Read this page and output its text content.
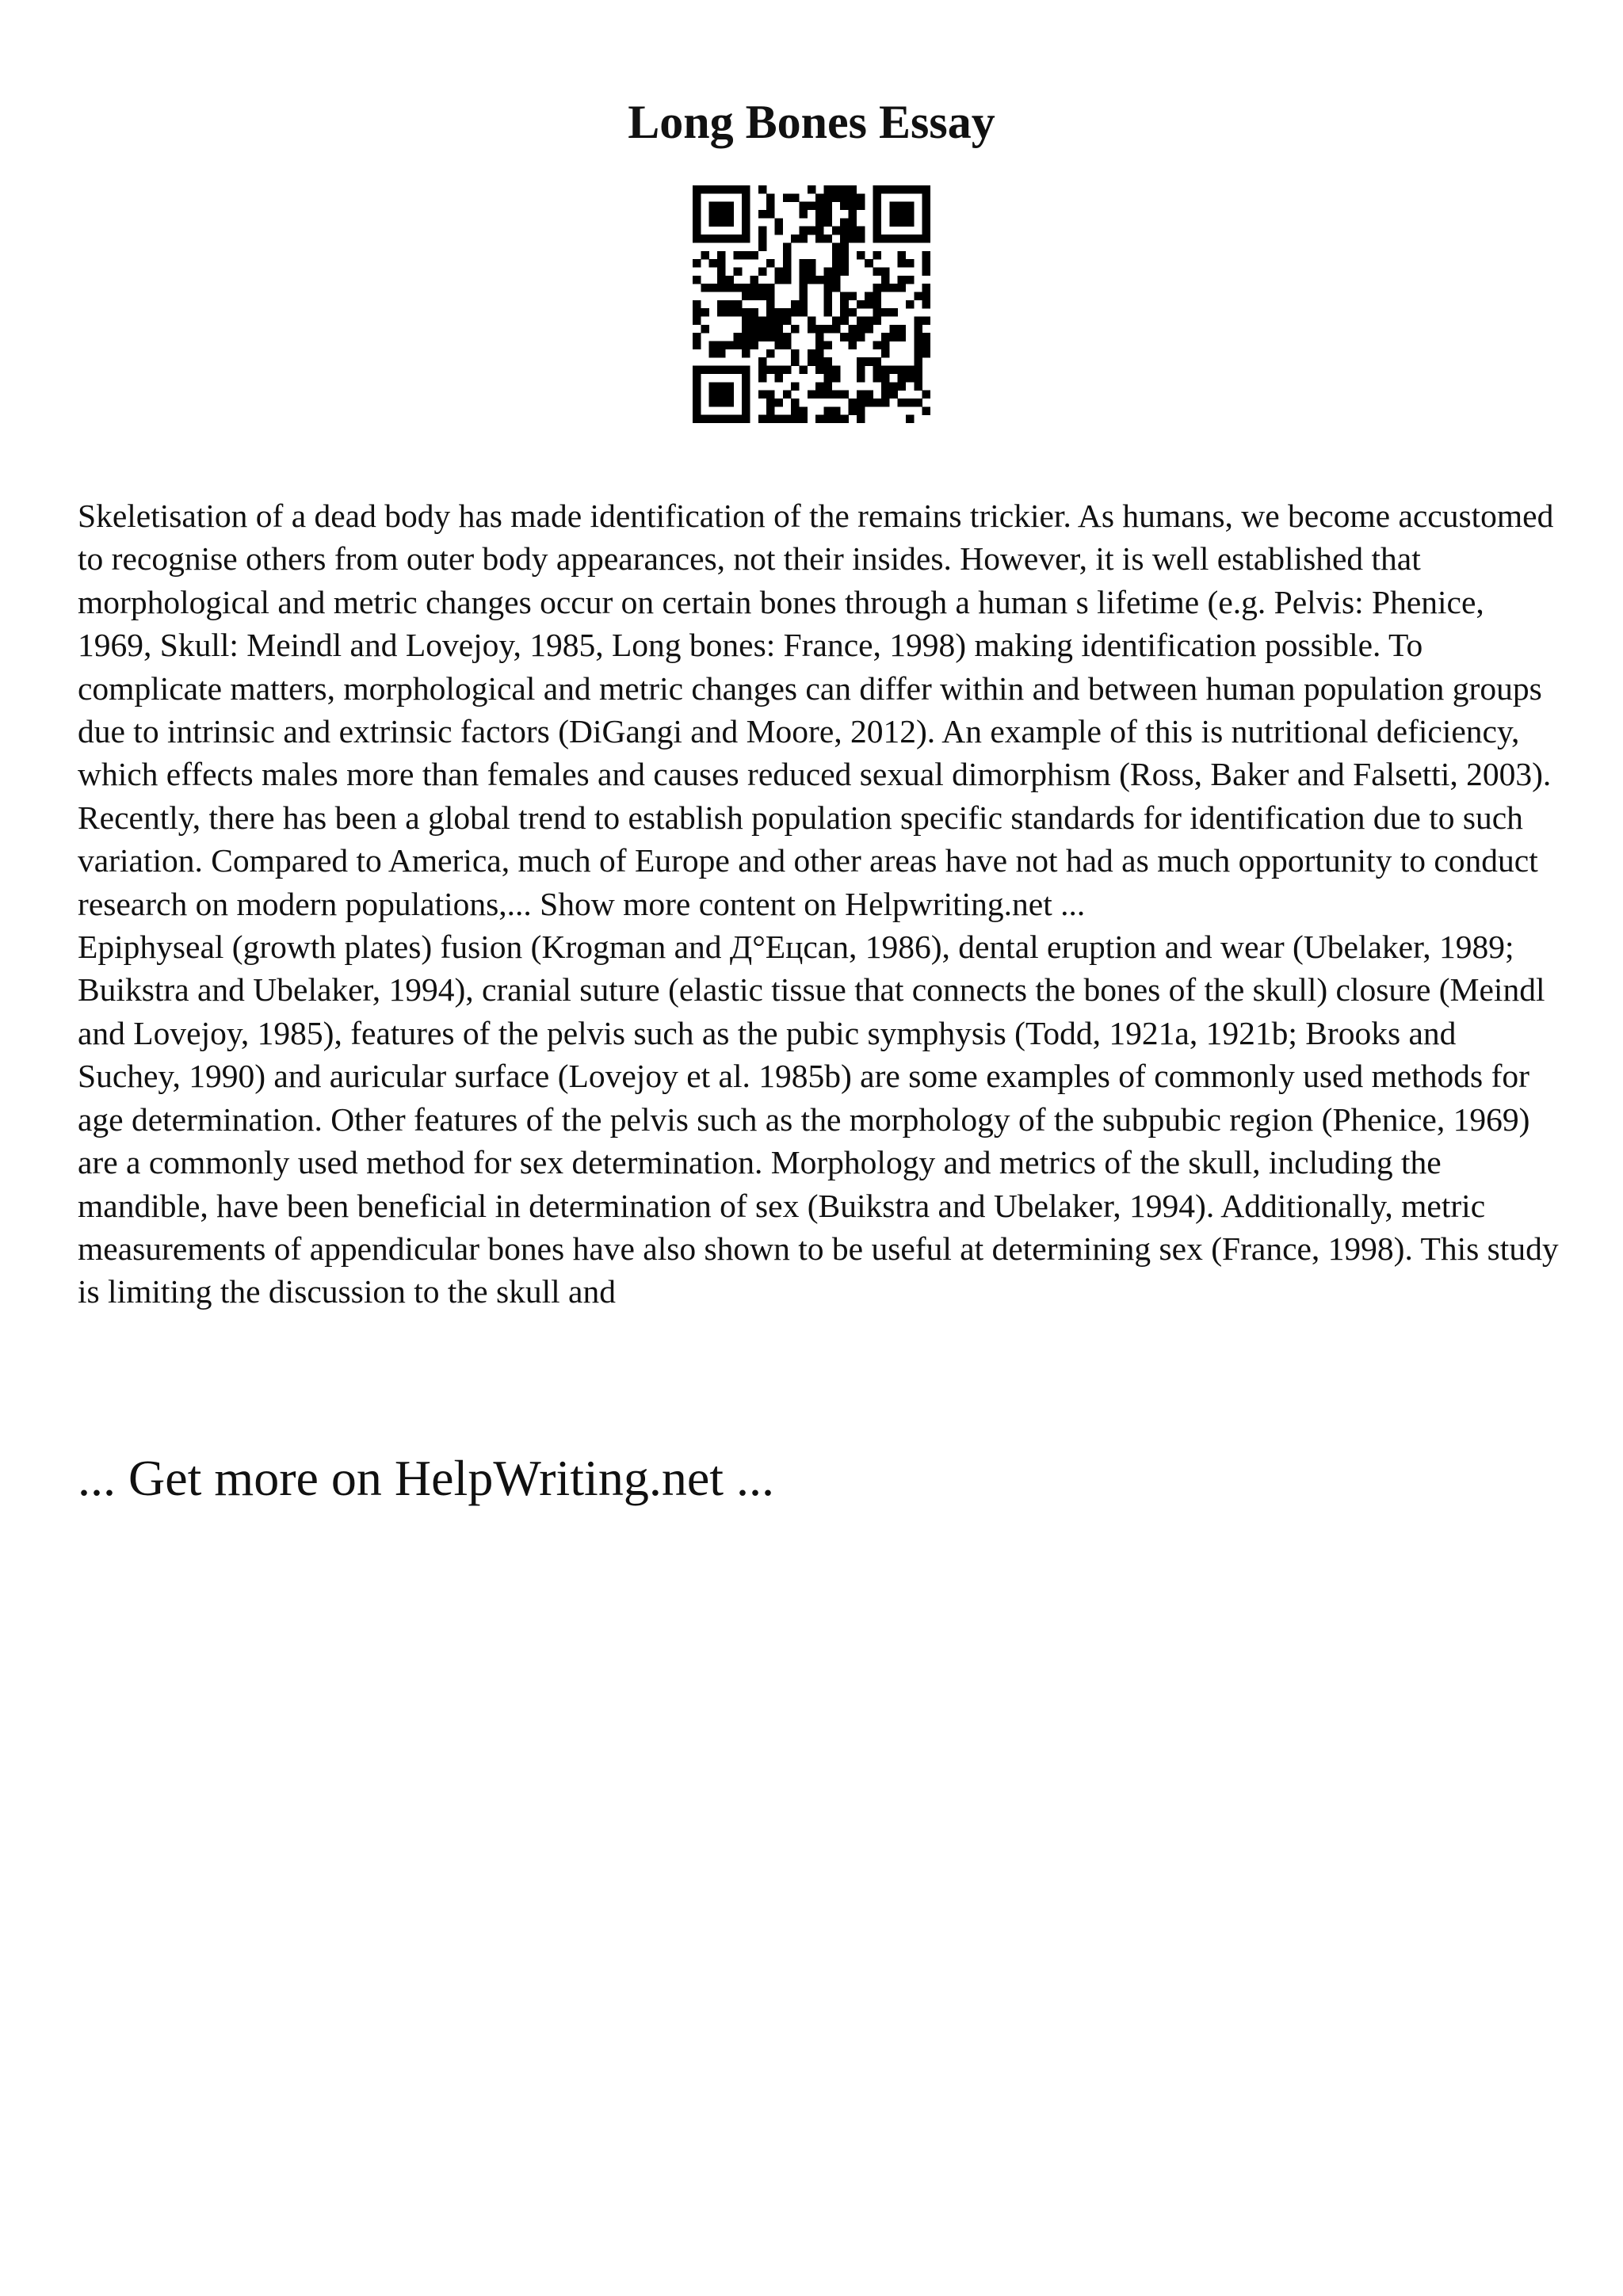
Long Bones Essay

Skeletisation of a dead body has made identification of the remains trickier. As humans, we become accustomed to recognise others from outer body appearances, not their insides. However, it is well established that morphological and metric changes occur on certain bones through a human s lifetime (e.g. Pelvis: Phenice, 1969, Skull: Meindl and Lovejoy, 1985, Long bones: France, 1998) making identification possible. To complicate matters, morphological and metric changes can differ within and between human population groups due to intrinsic and extrinsic factors (DiGangi and Moore, 2012). An example of this is nutritional deficiency, which effects males more than females and causes reduced sexual dimorphism (Ross, Baker and Falsetti, 2003). Recently, there has been a global trend to establish population specific standards for identification due to such variation. Compared to America, much of Europe and other areas have not had as much opportunity to conduct research on modern populations,... Show more content on Helpwriting.net ...

Epiphyseal (growth plates) fusion (Krogman and Д°Eцcan, 1986), dental eruption and wear (Ubelaker, 1989; Buikstra and Ubelaker, 1994), cranial suture (elastic tissue that connects the bones of the skull) closure (Meindl and Lovejoy, 1985), features of the pelvis such as the pubic symphysis (Todd, 1921a, 1921b; Brooks and Suchey, 1990) and auricular surface (Lovejoy et al. 1985b) are some examples of commonly used methods for age determination. Other features of the pelvis such as the morphology of the subpubic region (Phenice, 1969) are a commonly used method for sex determination. Morphology and metrics of the skull, including the mandible, have been beneficial in determination of sex (Buikstra and Ubelaker, 1994). Additionally, metric measurements of appendicular bones have also shown to be useful at determining sex (France, 1998). This study is limiting the discussion to the skull and

... Get more on HelpWriting.net ...
